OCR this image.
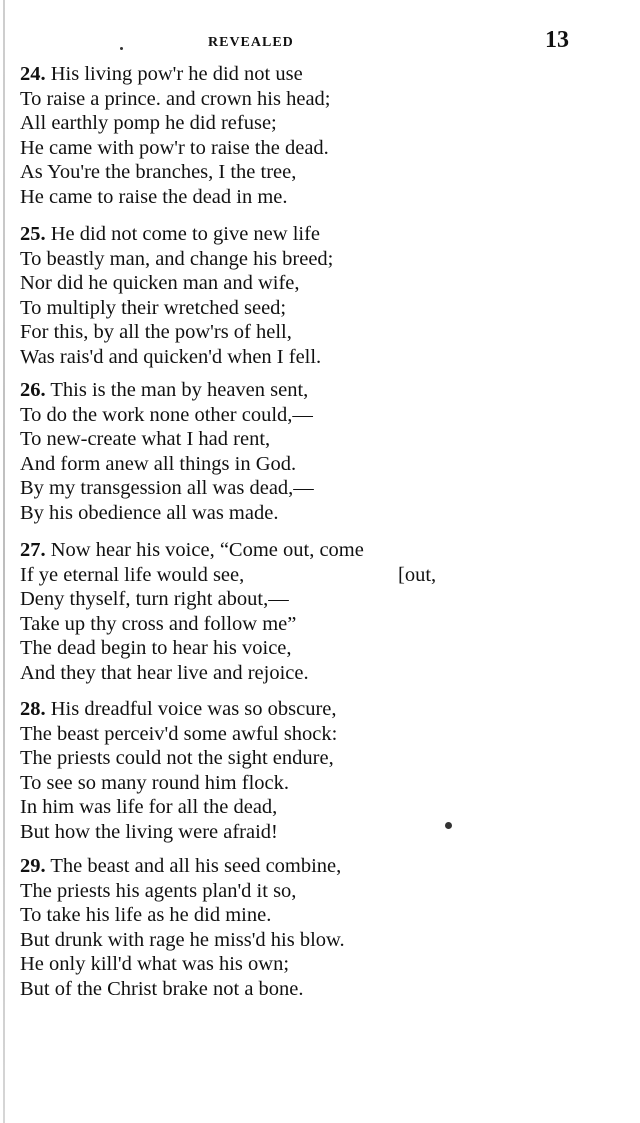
REVEALED	13
24. His living pow'r he did not use
To raise a prince. and crown his head;
All earthly pomp he did refuse;
He came with pow'r to raise the dead.
As You're the branches, I the tree,
He came to raise the dead in me.
25. He did not come to give new life
To beastly man, and change his breed;
Nor did he quicken man and wife,
To multiply their wretched seed;
For this, by all the pow'rs of hell,
Was rais'd and quicken'd when I fell.
26. This is the man by heaven sent,
To do the work none other could,—
To new-create what I had rent,
And form anew all things in God.
By my transgession all was dead,—
By his obedience all was made.
27. Now hear his voice, “Come out, come
If ye eternal life would see,	[out,
Deny thyself, turn right about,—
Take up thy cross and follow me”
The dead begin to hear his voice,
And they that hear live and rejoice.
28. His dreadful voice was so obscure,
The beast perceiv'd some awful shock:
The priests could not the sight endure,
To see so many round him flock.
In him was life for all the dead,
But how the living were afraid!
29. The beast and all his seed combine,
The priests his agents plan'd it so,
To take his life as he did mine.
But drunk with rage he miss'd his blow.
He only kill'd what was his own;
But of the Christ brake not a bone.
